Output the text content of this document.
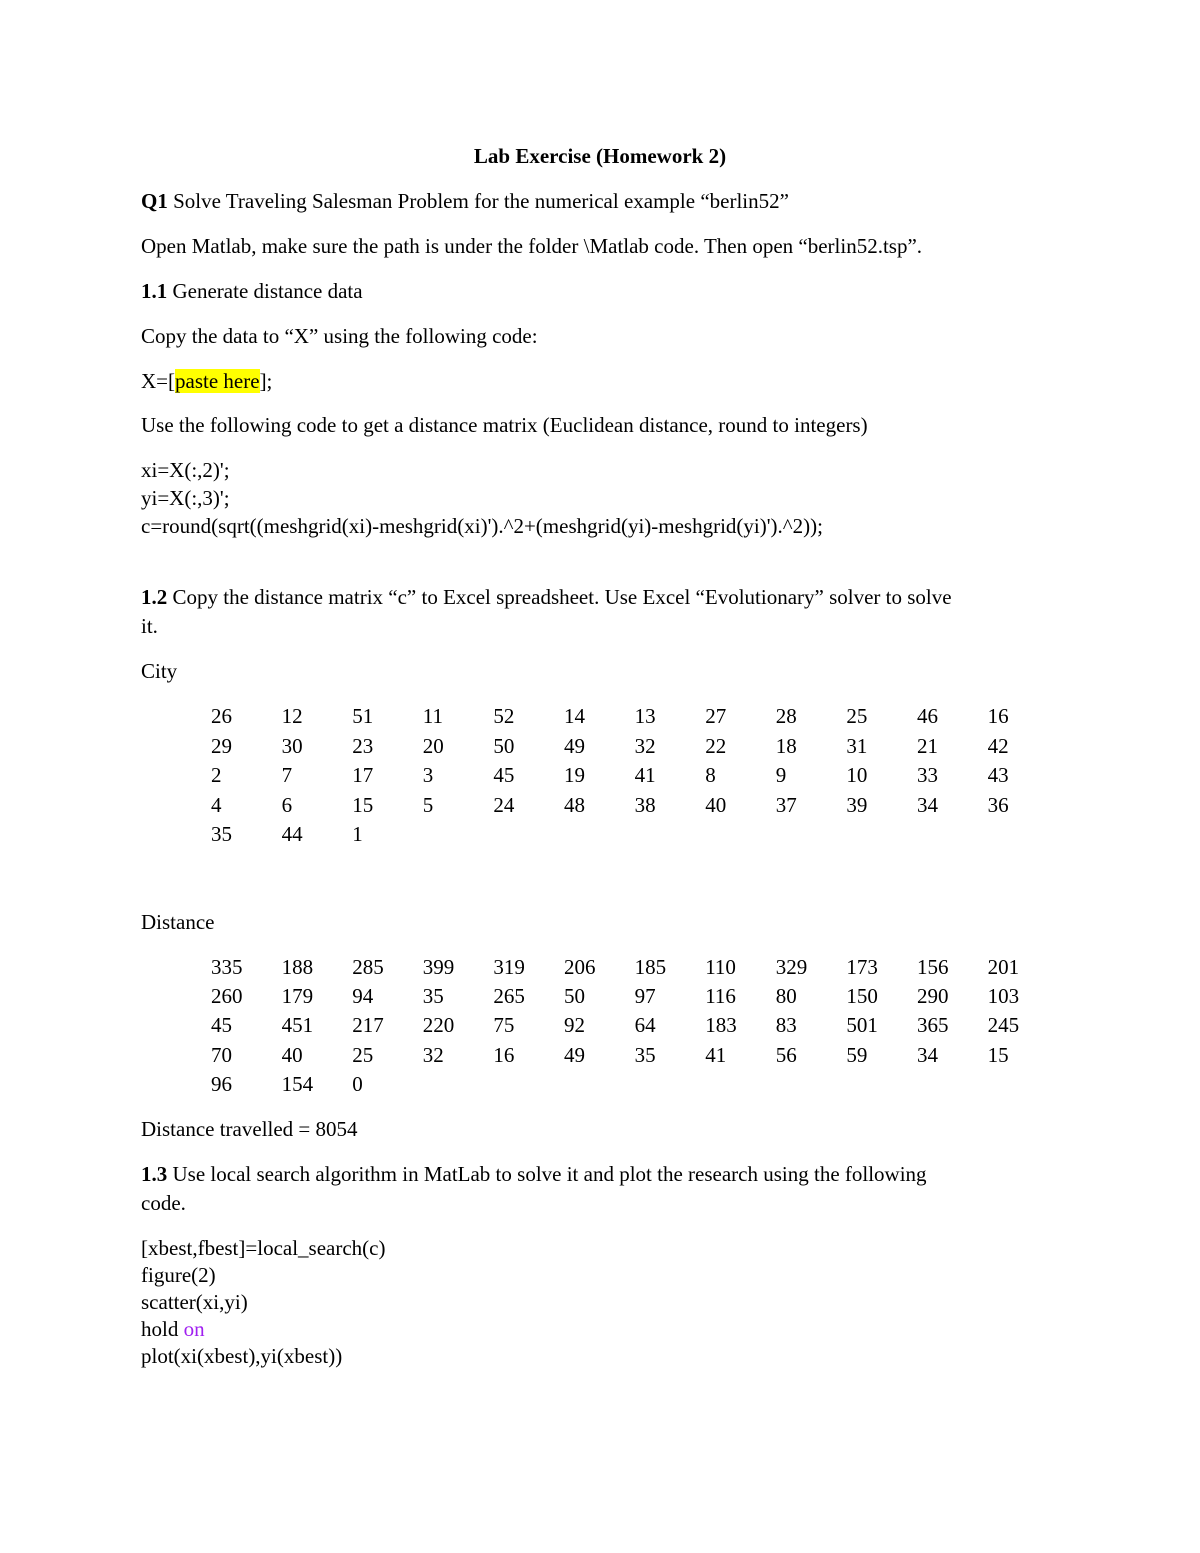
Lab Exercise (Homework 2)
Q1 Solve Traveling Salesman Problem for the numerical example “berlin52”
Open Matlab, make sure the path is under the folder \Matlab code. Then open “berlin52.tsp”.
1.1 Generate distance data
Copy the data to “X” using the following code:
X=[paste here];
Use the following code to get a distance matrix (Euclidean distance, round to integers)
xi=X(:,2)';
yi=X(:,3)';
c=round(sqrt((meshgrid(xi)-meshgrid(xi)').^2+(meshgrid(yi)-meshgrid(yi)').^2));
1.2 Copy the distance matrix “c” to Excel spreadsheet. Use Excel “Evolutionary” solver to solve
it.
City
26 12 51 11 52 14 13 27 28 25 46 16
29 30 23 20 50 49 32 22 18 31 21 42
2	7	17 3	45 19 41 8	9	10 33 43
4	6	15 5	24 48 38 40 37 39 34 36
35 44 1
Distance
335 188 285 399 319 206 185 110 329 173 156 201
260 179 94 35 265 50 97 116 80 150 290 103
45 451 217 220 75 92 64 183 83 501 365 245
70 40 25 32 16 49 35 41 56 59 34 15
96 154 0
Distance travelled = 8054
1.3 Use local search algorithm in MatLab to solve it and plot the research using the following
code.
[xbest,fbest]=local_search(c)
figure(2)
scatter(xi,yi)
hold on
plot(xi(xbest),yi(xbest))
